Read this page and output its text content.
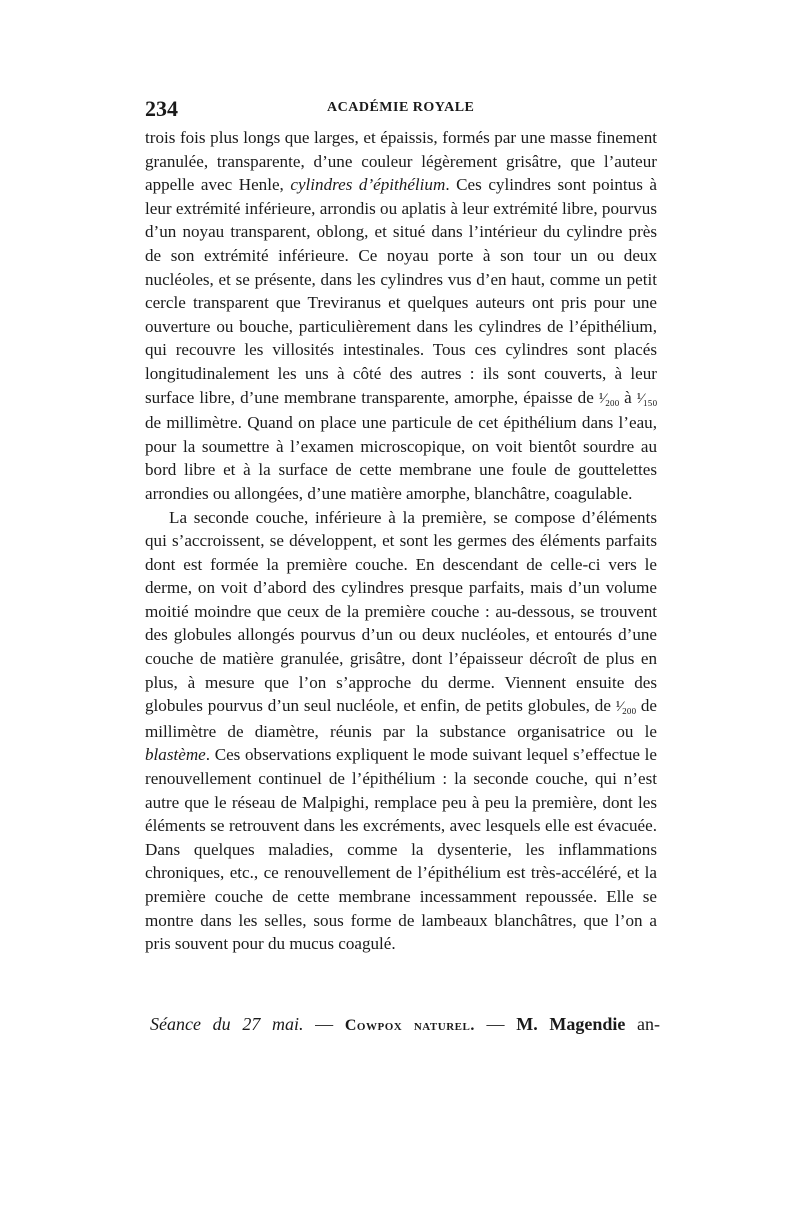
234	ACADÉMIE ROYALE

trois fois plus longs que larges, et épaissis, formés par une masse finement granulée, transparente, d’une couleur légèrement grisâtre, que l’auteur appelle avec Henle, cylindres d’épithélium. Ces cylindres sont pointus à leur extrémité inférieure, arrondis ou aplatis à leur extrémité libre, pourvus d’un noyau transparent, oblong, et situé dans l’intérieur du cylindre près de son extrémité inférieure. Ce noyau porte à son tour un ou deux nucléoles, et se présente, dans les cylindres vus d’en haut, comme un petit cercle transparent que Treviranus et quelques auteurs ont pris pour une ouverture ou bouche, particulièrement dans les cylindres de l’épithélium, qui recouvre les villosités intestinales. Tous ces cylindres sont placés longitudinalement les uns à côté des autres : ils sont couverts, à leur surface libre, d’une membrane transparente, amorphe, épaisse de ¹⁄₂₀₀ à ¹⁄₁₅₀ de millimètre. Quand on place une particule de cet épithélium dans l’eau, pour la soumettre à l’examen microscopique, on voit bientôt sourdre au bord libre et à la surface de cette membrane une foule de gouttelettes arrondies ou allongées, d’une matière amorphe, blanchâtre, coagulable.

La seconde couche, inférieure à la première, se compose d’éléments qui s’accroissent, se développent, et sont les germes des éléments parfaits dont est formée la première couche. En descendant de celle-ci vers le derme, on voit d’abord des cylindres presque parfaits, mais d’un volume moitié moindre que ceux de la première couche : au-dessous, se trouvent des globules allongés pourvus d’un ou deux nucléoles, et entourés d’une couche de matière granulée, grisâtre, dont l’épaisseur décroît de plus en plus, à mesure que l’on s’approche du derme. Viennent ensuite des globules pourvus d’un seul nucléole, et enfin, de petits globules, de ¹⁄₂₀₀ de millimètre de diamètre, réunis par la substance organisatrice ou le blastème. Ces observations expliquent le mode suivant lequel s’effectue le renouvellement continuel de l’épithélium : la seconde couche, qui n’est autre que le réseau de Malpighi, remplace peu à peu la première, dont les éléments se retrouvent dans les excréments, avec lesquels elle est évacuée. Dans quelques maladies, comme la dysenterie, les inflammations chroniques, etc., ce renouvellement de l’épithélium est très-accéléré, et la première couche de cette membrane incessamment repoussée. Elle se montre dans les selles, sous forme de lambeaux blanchâtres, que l’on a pris souvent pour du mucus coagulé.

Séance du 27 mai. — Cowpox naturel. — M. Magendie an-
